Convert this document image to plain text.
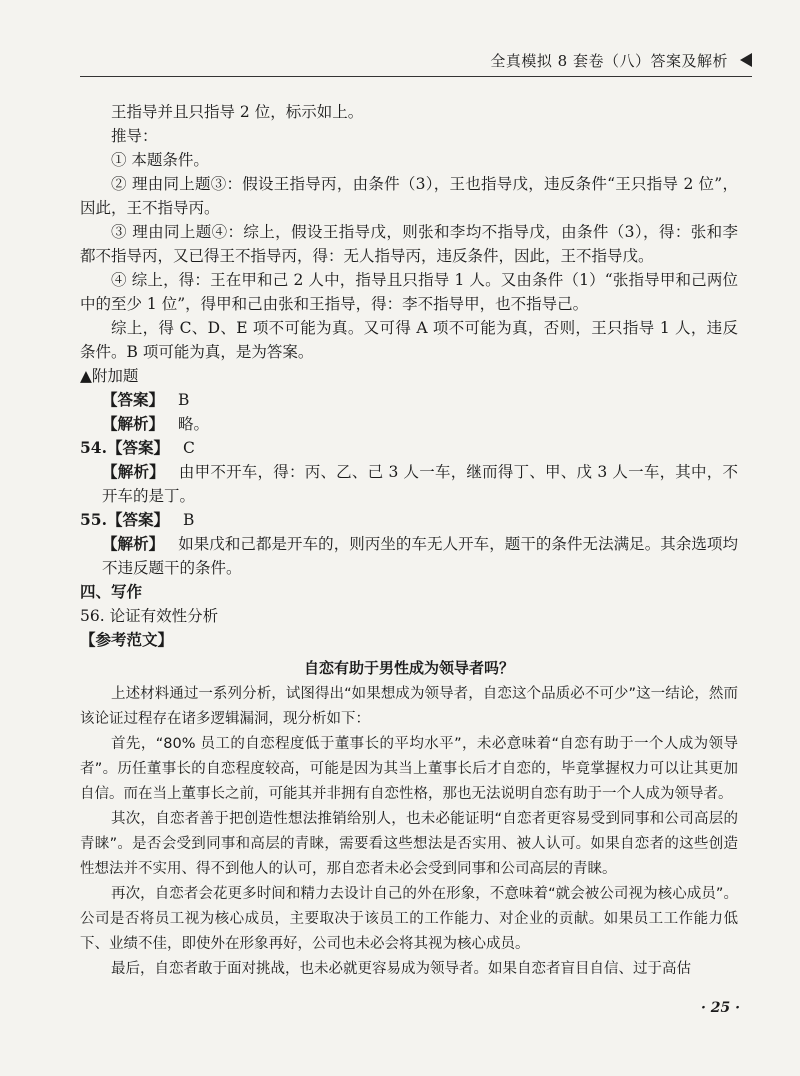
全真模拟 8 套卷（八）答案及解析

王指导并且只指导 2 位，标示如上。

推导：

① 本题条件。

② 理由同上题③：假设王指导丙，由条件（3），王也指导戊，违反条件“王只指导 2 位”，因此，王不指导丙。

③ 理由同上题④：综上，假设王指导戊，则张和李均不指导戊，由条件（3），得：张和李都不指导丙，又已得王不指导丙，得：无人指导丙，违反条件，因此，王不指导戊。

④ 综上，得：王在甲和己 2 人中，指导且只指导 1 人。又由条件（1）“张指导甲和己两位中的至少 1 位”，得甲和己由张和王指导，得：李不指导甲，也不指导己。

综上，得 C、D、E 项不可能为真。又可得 A 项不可能为真，否则，王只指导 1 人，违反条件。B 项可能为真，是为答案。

▲附加题

【答案】 B

【解析】 略。

54. 【答案】 C

【解析】 由甲不开车，得：丙、乙、己 3 人一车，继而得丁、甲、戊 3 人一车，其中，不开车的是丁。

55. 【答案】 B

【解析】 如果戊和己都是开车的，则丙坐的车无人开车，题干的条件无法满足。其余选项均不违反题干的条件。

四、写作

56. 论证有效性分析

【参考范文】

自恋有助于男性成为领导者吗？

上述材料通过一系列分析，试图得出“如果想成为领导者，自恋这个品质必不可少”这一结论，然而该论证过程存在诸多逻辑漏洞，现分析如下：

首先，“80% 员工的自恋程度低于董事长的平均水平”，未必意味着“自恋有助于一个人成为领导者”。历任董事长的自恋程度较高，可能是因为其当上董事长后才自恋的，毕竟掌握权力可以让其更加自信。而在当上董事长之前，可能其并非拥有自恋性格，那也无法说明自恋有助于一个人成为领导者。

其次，自恋者善于把创造性想法推销给别人，也未必能证明“自恋者更容易受到同事和公司高层的青睐”。是否会受到同事和高层的青睐，需要看这些想法是否实用、被人认可。如果自恋者的这些创造性想法并不实用、得不到他人的认可，那自恋者未必会受到同事和公司高层的青睐。

再次，自恋者会花更多时间和精力去设计自己的外在形象，不意味着“就会被公司视为核心成员”。公司是否将员工视为核心成员，主要取决于该员工的工作能力、对企业的贡献。如果员工工作能力低下、业绩不佳，即使外在形象再好，公司也未必会将其视为核心成员。

最后，自恋者敢于面对挑战，也未必就更容易成为领导者。如果自恋者盲目自信、过于高估

· 25 ·
